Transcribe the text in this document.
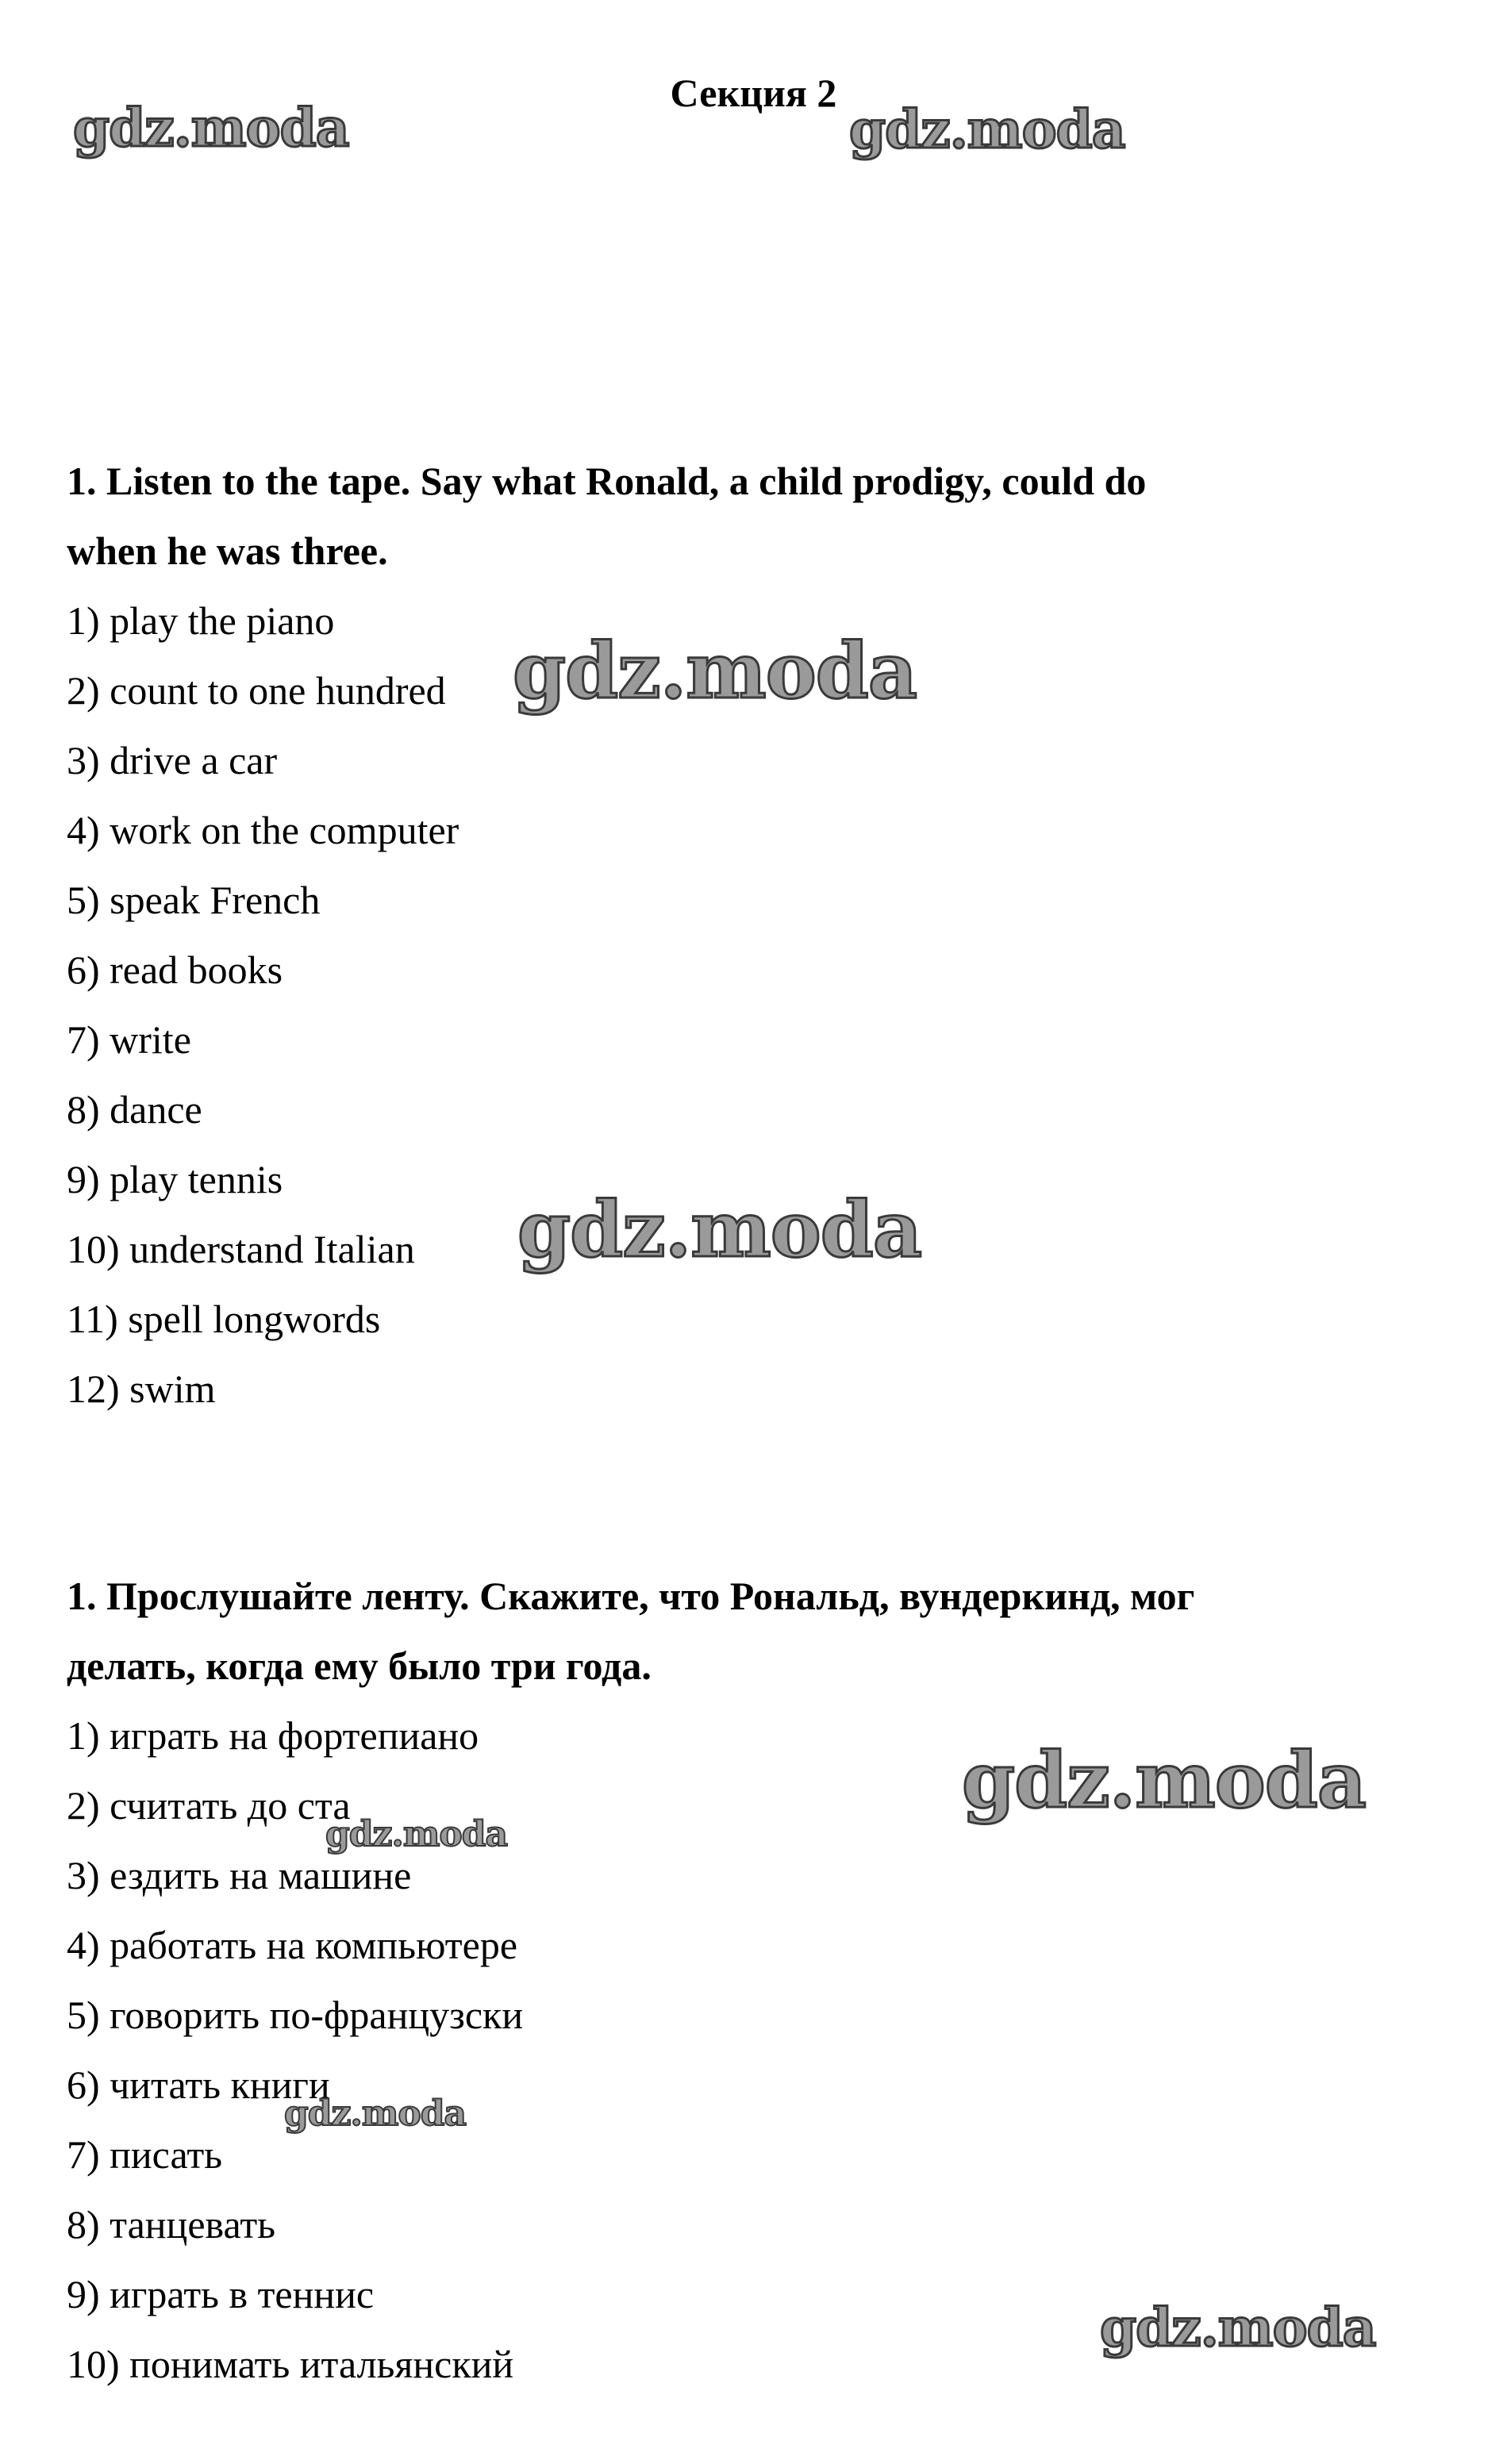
Секция 2

1. Listen to the tape. Say what Ronald, a child prodigy, could do
when he was three.

1) play the piano
2) count to one hundred
3) drive a car
4) work on the computer
5) speak French
6) read books
7) write
8) dance
9) play tennis
10) understand Italian
11) spell longwords
12) swim

1. Прослушайте ленту. Скажите, что Рональд, вундеркинд, мог
делать, когда ему было три года.

1) играть на фортепиано
2) считать до ста
3) ездить на машине
4) работать на компьютере
5) говорить по-французски
6) читать книги
7) писать
8) танцевать
9) играть в теннис
10) понимать итальянский
gdz.moda	gdz.moda
gdz.moda
gdz.moda
gdz.moda
gdz.moda
gdz.moda
gdz.moda
